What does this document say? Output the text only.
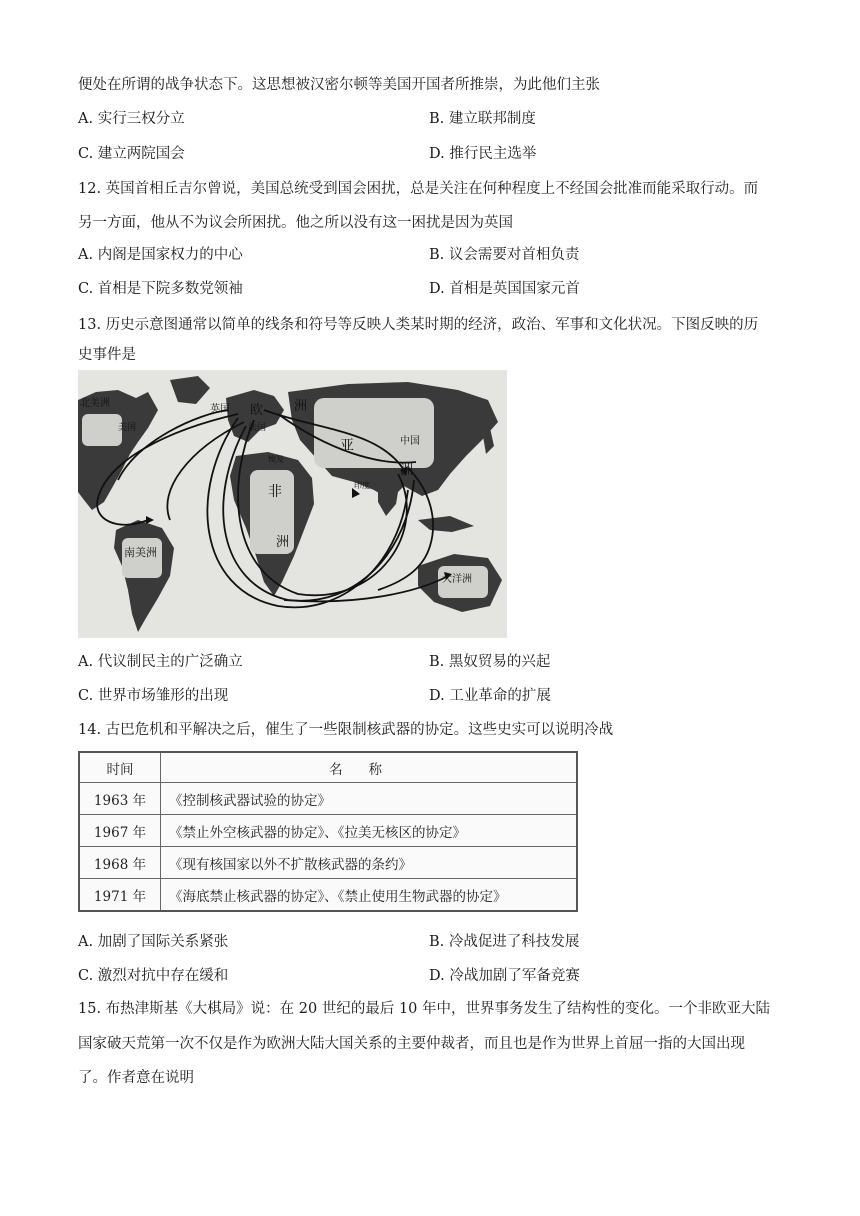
便处在所谓的战争状态下。这思想被汉密尔顿等美国开国者所推崇，为此他们主张
A. 实行三权分立	B. 建立联邦制度
C. 建立两院国会	D. 推行民主选举
12. 英国首相丘吉尔曾说，美国总统受到国会困扰，总是关注在何种程度上不经国会批准而能采取行动。而
另一方面，他从不为议会所困扰。他之所以没有这一困扰是因为英国
A. 内阁是国家权力的中心	B. 议会需要对首相负责
C. 首相是下院多数党领袖	D. 首相是英国国家元首
13. 历史示意图通常以简单的线条和符号等反映人类某时期的经济，政治、军事和文化状况。下图反映的历
史事件是
北美洲
英国 欧 洲
美国	法国
亚
洲
中国
埃及
非
洲
印度
南美洲
大洋洲
A. 代议制民主的广泛确立	B. 黑奴贸易的兴起
C. 世界市场雏形的出现	D. 工业革命的扩展
14. 古巴危机和平解决之后，催生了一些限制核武器的协定。这些史实可以说明冷战
时间	名称
1963 年	《控制核武器试验的协定》
1967 年	《禁止外空核武器的协定》、《拉美无核区的协定》
1968 年	《现有核国家以外不扩散核武器的条约》
1971 年	《海底禁止核武器的协定》、《禁止使用生物武器的协定》
A. 加剧了国际关系紧张	B. 冷战促进了科技发展
C. 激烈对抗中存在缓和	D. 冷战加剧了军备竞赛
15. 布热津斯基《大棋局》说：在 20 世纪的最后 10 年中，世界事务发生了结构性的变化。一个非欧亚大陆
国家破天荒第一次不仅是作为欧洲大陆大国关系的主要仲裁者，而且也是作为世界上首屈一指的大国出现
了。作者意在说明
